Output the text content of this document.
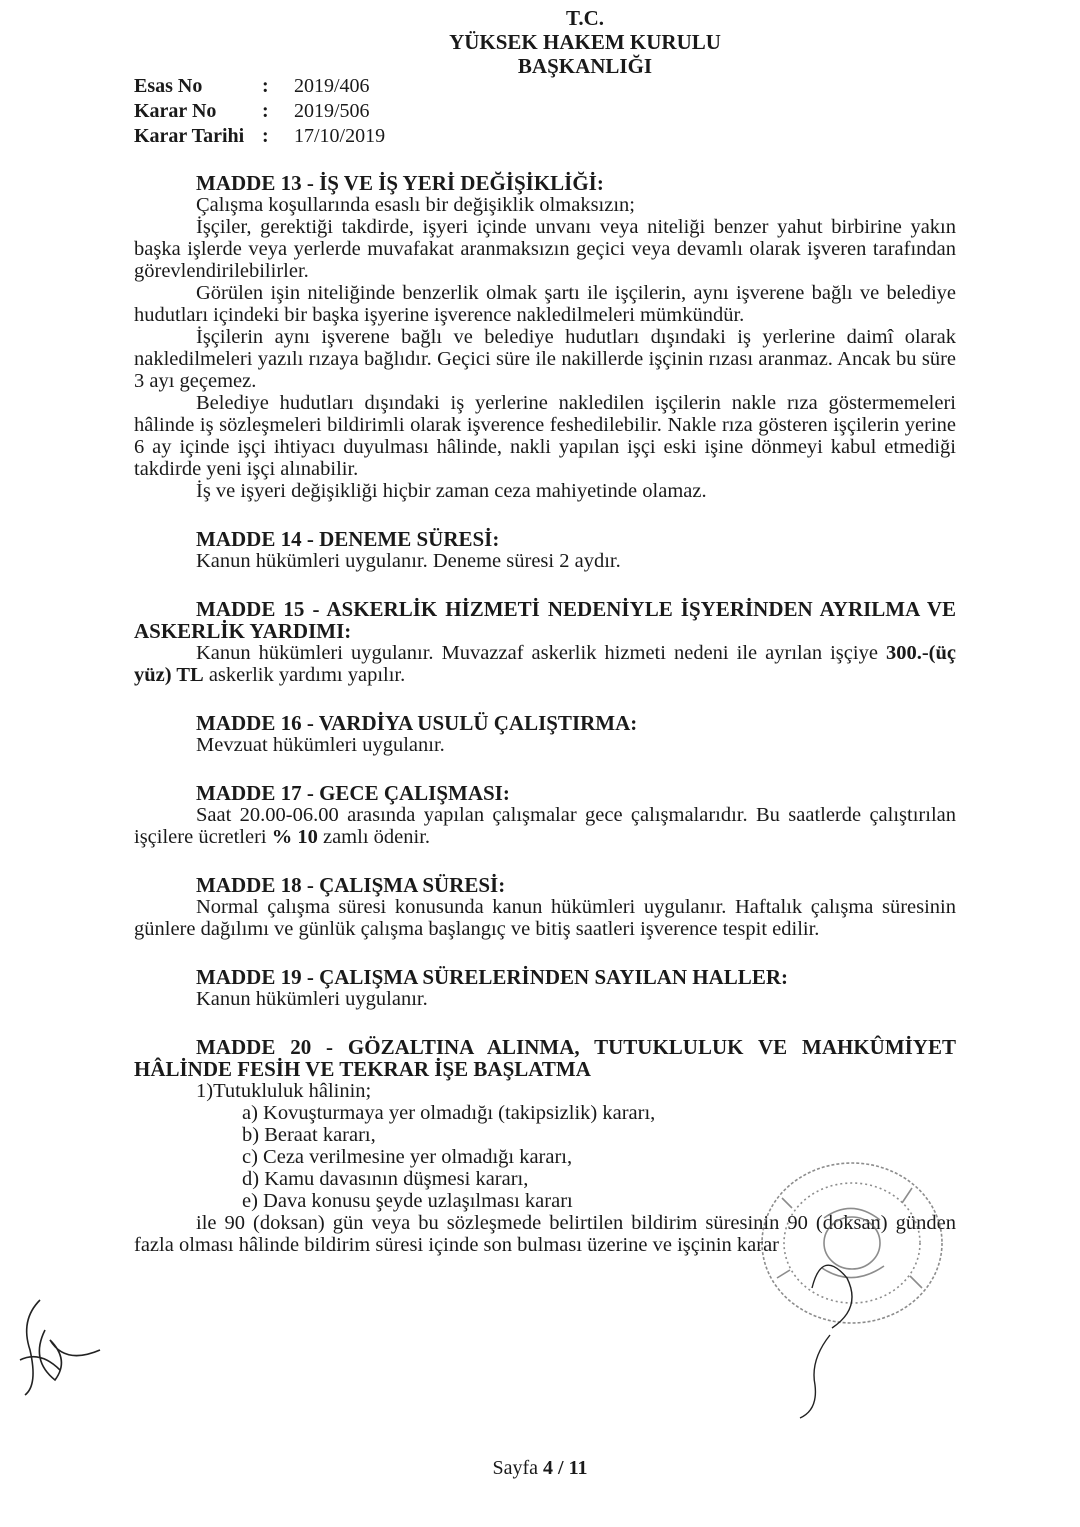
T.C.
YÜKSEK HAKEM KURULU
BAŞKANLIĞI
Esas No	:	2019/406
Karar No	:	2019/506
Karar Tarihi :	17/10/2019
MADDE 13 - İŞ VE İŞ YERİ DEĞİŞİKLİĞİ:

Çalışma koşullarında esaslı bir değişiklik olmaksızın;

İşçiler, gerektiği takdirde, işyeri içinde unvanı veya niteliği benzer yahut birbirine yakın başka işlerde veya yerlerde muvafakat aranmaksızın geçici veya devamlı olarak işveren tarafından görevlendirilebilirler.

Görülen işin niteliğinde benzerlik olmak şartı ile işçilerin, aynı işverene bağlı ve belediye hudutları içindeki bir başka işyerine işverence nakledilmeleri mümkündür.

İşçilerin aynı işverene bağlı ve belediye hudutları dışındaki iş yerlerine daimî olarak nakledilmeleri yazılı rızaya bağlıdır. Geçici süre ile nakillerde işçinin rızası aranmaz. Ancak bu süre 3 ayı geçemez.

Belediye hudutları dışındaki iş yerlerine nakledilen işçilerin nakle rıza göstermemeleri hâlinde iş sözleşmeleri bildirimli olarak işverence feshedilebilir. Nakle rıza gösteren işçilerin yerine 6 ay içinde işçi ihtiyacı duyulması hâlinde, nakli yapılan işçi eski işine dönmeyi kabul etmediği takdirde yeni işçi alınabilir.

İş ve işyeri değişikliği hiçbir zaman ceza mahiyetinde olamaz.

MADDE 14 - DENEME SÜRESİ:

Kanun hükümleri uygulanır. Deneme süresi 2 aydır.

MADDE 15 - ASKERLİK HİZMETİ NEDENİYLE İŞYERİNDEN AYRILMA VE ASKERLİK YARDIMI:

Kanun hükümleri uygulanır. Muvazzaf askerlik hizmeti nedeni ile ayrılan işçiye 300.-(üç yüz) TL askerlik yardımı yapılır.

MADDE 16 - VARDİYA USULÜ ÇALIŞTIRMA:

Mevzuat hükümleri uygulanır.

MADDE 17 - GECE ÇALIŞMASI:

Saat 20.00-06.00 arasında yapılan çalışmalar gece çalışmalarıdır. Bu saatlerde çalıştırılan işçilere ücretleri % 10 zamlı ödenir.

MADDE 18 - ÇALIŞMA SÜRESİ:

Normal çalışma süresi konusunda kanun hükümleri uygulanır. Haftalık çalışma süresinin günlere dağılımı ve günlük çalışma başlangıç ve bitiş saatleri işverence tespit edilir.

MADDE 19 - ÇALIŞMA SÜRELERİNDEN SAYILAN HALLER:

Kanun hükümleri uygulanır.

MADDE 20 - GÖZALTINA ALINMA, TUTUKLULUK VE MAHKÛMİYET HÂLİNDE FESİH VE TEKRAR İŞE BAŞLATMA

1)Tutukluluk hâlinin;

a) Kovuşturmaya yer olmadığı (takipsizlik) kararı,
b) Beraat kararı,
c) Ceza verilmesine yer olmadığı kararı,
d) Kamu davasının düşmesi kararı,
e) Dava konusu şeyde uzlaşılması kararı

ile 90 (doksan) gün veya bu sözleşmede belirtilen bildirim süresinin 90 (doksan) günden fazla olması hâlinde bildirim süresi içinde son bulması üzerine ve işçinin karar

Sayfa 4 / 11
